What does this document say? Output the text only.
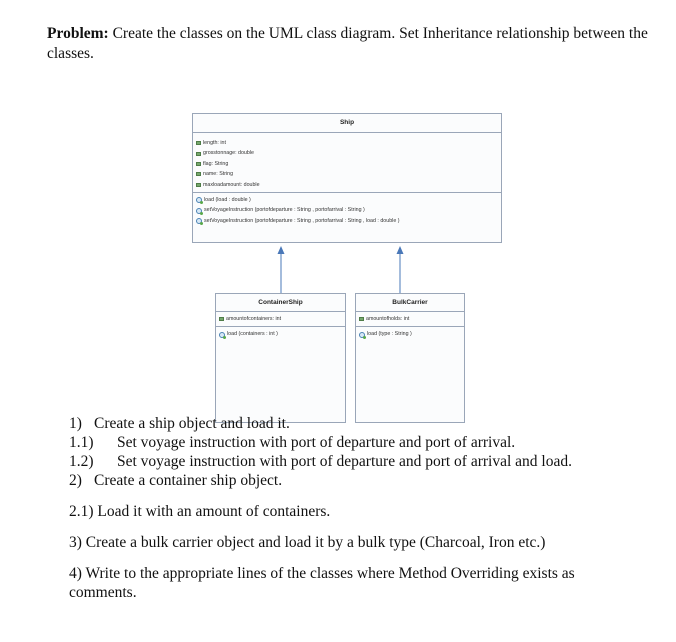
Problem: Create the classes on the UML class diagram. Set Inheritance relationship between the classes.
Ship
length: int
grosstonnage: double
flag: String
name: String
maxloadamount: double
load (load : double )
setVoyageInstruction (portofdeparture : String , portofarrival : String )
setVoyageInstruction (portofdeparture : String , portofarrival : String , load : double )
ContainerShip
amountofcontainers: int
load (containers : int )
BulkCarrier
amountofholds: int
load (type : String )
1) Create a ship object and load it.
1.1) Set voyage instruction with port of departure and port of arrival.
1.2) Set voyage instruction with port of departure and port of arrival and load.
2) Create a container ship object.
2.1) Load it with an amount of containers.
3) Create a bulk carrier object and load it by a bulk type (Charcoal, Iron etc.)
4) Write to the appropriate lines of the classes where Method Overriding exists as
comments.
